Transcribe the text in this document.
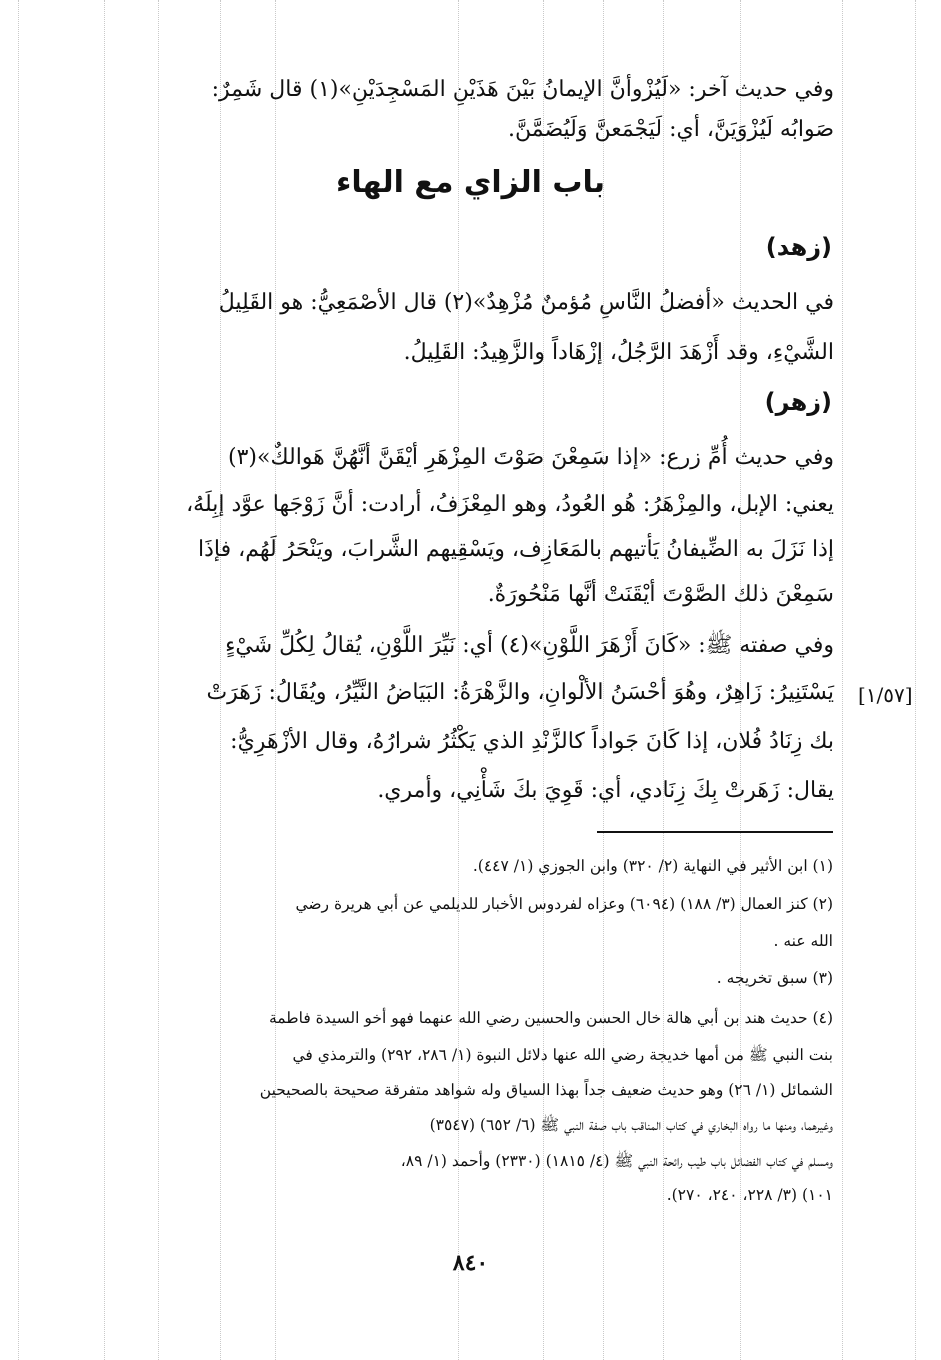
وفي حديث آخر: «لَيُزْوأنَّ الإيمانُ بَيْنَ هَذَيْنِ المَسْجِدَيْنِ»(١) قال شَمِرٌ:
صَوابُه لَيُزْوَيَنَّ، أي: لَيَجْمَعنَّ وَلَيُضَمَّنَّ.
باب الزاي مع الهاء
(زهد)
في الحديث «أفضلُ النَّاسِ مُؤمنٌ مُزْهِدٌ»(٢) قال الأصْمَعِيُّ: هو القَلِيلُ
الشَّيْءِ، وقد أَزْهَدَ الرَّجُلُ، إزْهَاداً والزَّهِيدُ: القَلِيلُ.
(زهر)
وفي حديث أُمِّ زرع: «إذا سَمِعْنَ صَوْتَ المِزْهَرِ أيْقَنَّ أنَّهُنَّ هَوالكٌ»(٣)
يعني: الإبل، والمِزْهَرُ: هُو العُودُ، وهو المِعْزَفُ، أرادت: أنَّ زَوْجَها عوَّد إبِلَهُ،
إذا نَزَلَ به الضِّيفانُ يَأتيهم بالمَعَازِف، ويَسْقِيهم الشَّرابَ، ويَنْحَرُ لَهُم، فإذَا
سَمِعْنَ ذلك الصَّوْتَ أيْقَنَتْ أنَّها مَنْحُورَةٌ.
وفي صفته ﷺ: «كَانَ أَزْهَرَ اللَّوْنِ»(٤) أي: نَيِّرَ اللَّوْنِ، يُقالُ لِكُلِّ شَيْءٍ
يَسْتَنِيرُ: زَاهِرٌ، وهُوَ أحْسَنُ الألْوانِ، والزَّهْرَةُ: البَيَاضُ النَّيِّرُ، ويُقَالُ: زَهَرَتْ
بك زِنَادُ فُلان، إذا كَانَ جَواداً كالزَّنْدِ الذي يَكْثُرُ شرارُهُ، وقال الأزْهَرِيُّ:
يقال: زَهَرتْ بِكَ زِنَادي، أي: قَوِيَ بكَ شَأْنِي، وأمري.
[١/٥٧]
(١) ابن الأثير في النهاية (٢/ ٣٢٠) وابن الجوزي (١/ ٤٤٧).
(٢) كنز العمال (٣/ ١٨٨) (٦٠٩٤) وعزاه لفردوس الأخبار للديلمي عن أبي هريرة رضي
الله عنه .
(٣) سبق تخريجه .
(٤) حديث هند بن أبي هالة خال الحسن والحسين رضي الله عنهما فهو أخو السيدة فاطمة
بنت النبي ﷺ من أمها خديجة رضي الله عنها دلائل النبوة (١/ ٢٨٦، ٢٩٢) والترمذي في
الشمائل (١/ ٢٦) وهو حديث ضعيف جداً بهذا السياق وله شواهد متفرقة صحيحة بالصحيحين
وغيرهما، ومنها ما رواه البخاري في كتاب المناقب باب صفة النبي ﷺ (٦/ ٦٥٢) (٣٥٤٧)
ومسلم في كتاب الفضائل باب طيب رائحة النبي ﷺ (٤/ ١٨١٥) (٢٣٣٠) وأحمد (١/ ٨٩،
١٠١) (٣/ ٢٢٨، ٢٤٠، ٢٧٠).
٨٤٠
